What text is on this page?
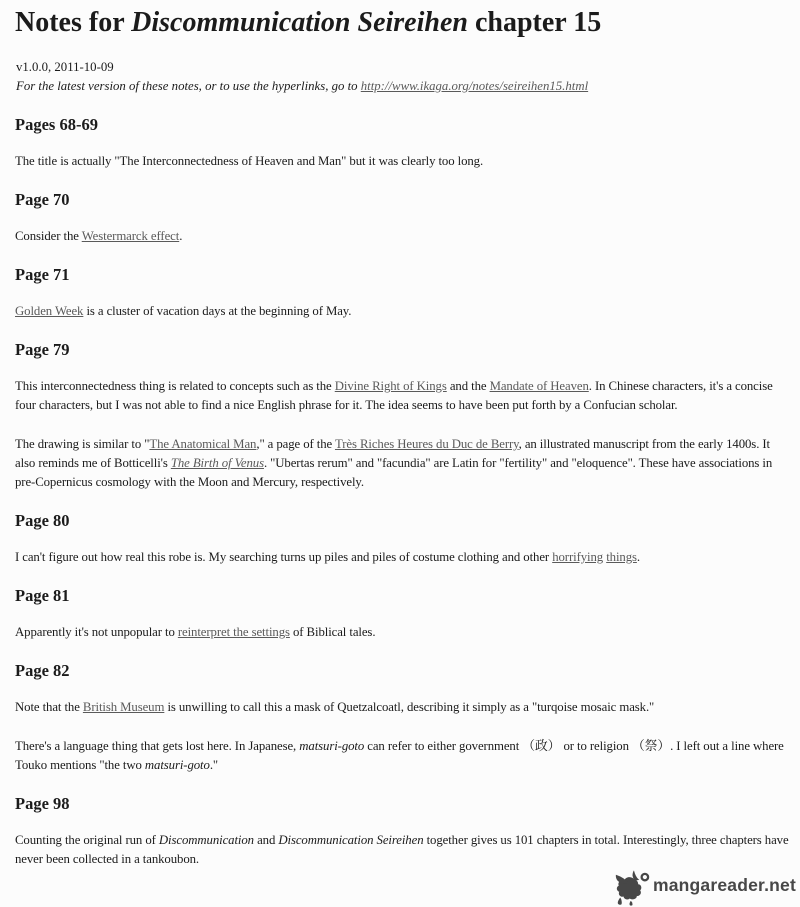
Notes for Discommunication Seireihen chapter 15

v1.0.0, 2011-10-09
For the latest version of these notes, or to use the hyperlinks, go to http://www.ikaga.org/notes/seireihen15.html

Pages 68-69

The title is actually "The Interconnectedness of Heaven and Man" but it was clearly too long.

Page 70

Consider the Westermarck effect.

Page 71

Golden Week is a cluster of vacation days at the beginning of May.

Page 79

This interconnectedness thing is related to concepts such as the Divine Right of Kings and the Mandate of Heaven. In Chinese characters, it's a concise four characters, but I was not able to find a nice English phrase for it. The idea seems to have been put forth by a Confucian scholar.

The drawing is similar to "The Anatomical Man," a page of the Très Riches Heures du Duc de Berry, an illustrated manuscript from the early 1400s. It also reminds me of Botticelli's The Birth of Venus. "Ubertas rerum" and "facundia" are Latin for "fertility" and "eloquence". These have associations in pre-Copernicus cosmology with the Moon and Mercury, respectively.

Page 80

I can't figure out how real this robe is. My searching turns up piles and piles of costume clothing and other horrifying things.

Page 81

Apparently it's not unpopular to reinterpret the settings of Biblical tales.

Page 82

Note that the British Museum is unwilling to call this a mask of Quetzalcoatl, describing it simply as a "turqoise mosaic mask."

There's a language thing that gets lost here. In Japanese, matsuri-goto can refer to either government （政） or to religion （祭）. I left out a line where Touko mentions "the two matsuri-goto."

Page 98

Counting the original run of Discommunication and Discommunication Seireihen together gives us 101 chapters in total. Interestingly, three chapters have never been collected in a tankoubon.

mangareader.net
